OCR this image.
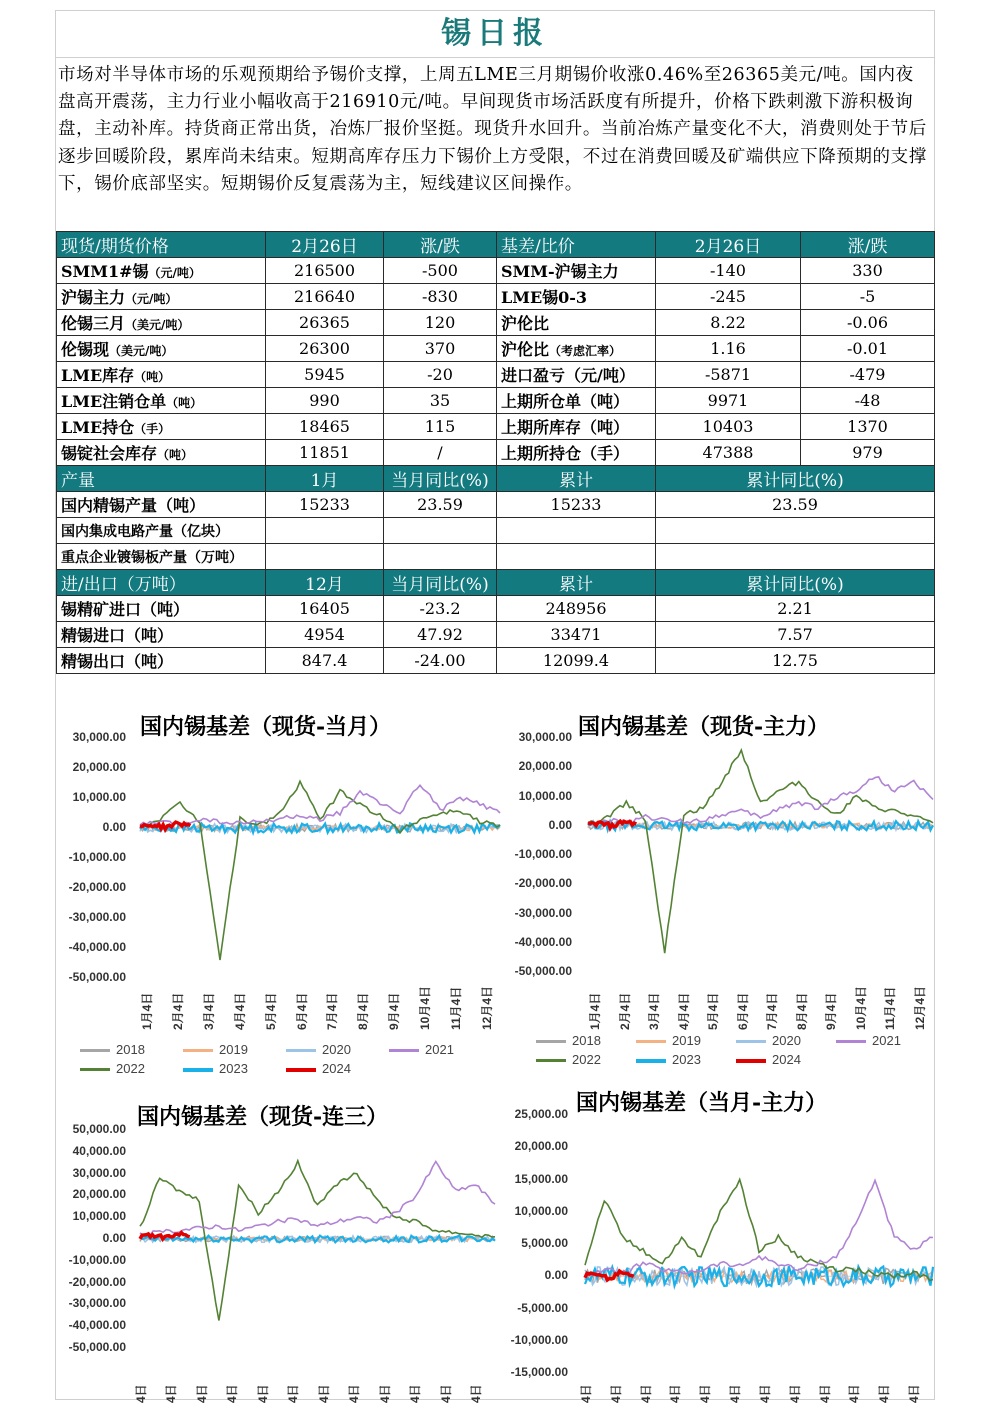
锡日报
市场对半导体市场的乐观预期给予锡价支撑，上周五LME三月期锡价收涨0.46%至26365美元/吨。国内夜盘高开震荡，主力行业小幅收高于216910元/吨。早间现货市场活跃度有所提升，价格下跌刺激下游积极询盘，主动补库。持货商正常出货，冶炼厂报价坚挺。现货升水回升。当前冶炼产量变化不大，消费则处于节后逐步回暖阶段，累库尚未结束。短期高库存压力下锡价上方受限，不过在消费回暖及矿端供应下降预期的支撑下，锡价底部坚实。短期锡价反复震荡为主，短线建议区间操作。
现货/期货价格	2月26日	涨/跌	基差/比价	2月26日	涨/跌
SMM1#锡（元/吨）	216500	-500	SMM-沪锡主力	-140	330
沪锡主力（元/吨）	216640	-830	LME锡0-3	-245	-5
伦锡三月（美元/吨）	26365	120	沪伦比	8.22	-0.06
伦锡现（美元/吨）	26300	370	沪伦比（考虑汇率）	1.16	-0.01
LME库存（吨）	5945	-20	进口盈亏（元/吨）	-5871	-479
LME注销仓单（吨）	990	35	上期所仓单（吨）	9971	-48
LME持仓（手）	18465	115	上期所库存（吨）	10403	1370
锡锭社会库存（吨）	11851	/	上期所持仓（手）	47388	979
产量	1月	当月同比(%)	累计	累计同比(%)	
国内精锡产量（吨）	15233	23.59	15233	23.59	
国内集成电路产量（亿块）					
重点企业镀锡板产量（万吨）					
进/出口（万吨）	12月	当月同比(%)	累计	累计同比(%)	
锡精矿进口（吨）	16405	-23.2	248956	2.21	
精锡进口（吨）	4954	47.92	33471	7.57	
精锡出口（吨）	847.4	-24.00	12099.4	12.75	
国内锡基差（现货-当月）	国内锡基差（现货-主力）
国内锡基差（现货-连三）
国内锡基差（当月-主力）
30,000.00
20,000.00
10,000.00
0.00
-10,000.00
-20,000.00
-30,000.00
-40,000.00
-50,000.00
1月4日 2月4日 3月4日 4月4日 5月4日 6月4日 7月4日 8月4日 9月4日 10月4日 11月4日 12月4日
2018	2019	2020	2021
2022	2023	2024
30,000.00
20,000.00
10,000.00
0.00
-10,000.00
-20,000.00
-30,000.00
-40,000.00
-50,000.00
1月4日 2月4日 3月4日 4月4日 5月4日 6月4日 7月4日 8月4日 9月4日 10月4日 11月4日 12月4日
2018	2019	2020	2021
2022	2023	2024
50,000.00
40,000.00
30,000.00
20,000.00
10,000.00
0.00
-10,000.00
-20,000.00
-30,000.00
-40,000.00
-50,000.00
4日 4日 4日 4日 4日 4日 4日 4日 4日 4日 4日 4日
25,000.00
20,000.00
15,000.00
10,000.00
5,000.00
0.00
-5,000.00
-10,000.00
-15,000.00
4日 4日 4日 4日 4日 4日 4日 4日 4日 4日 4日 4日
